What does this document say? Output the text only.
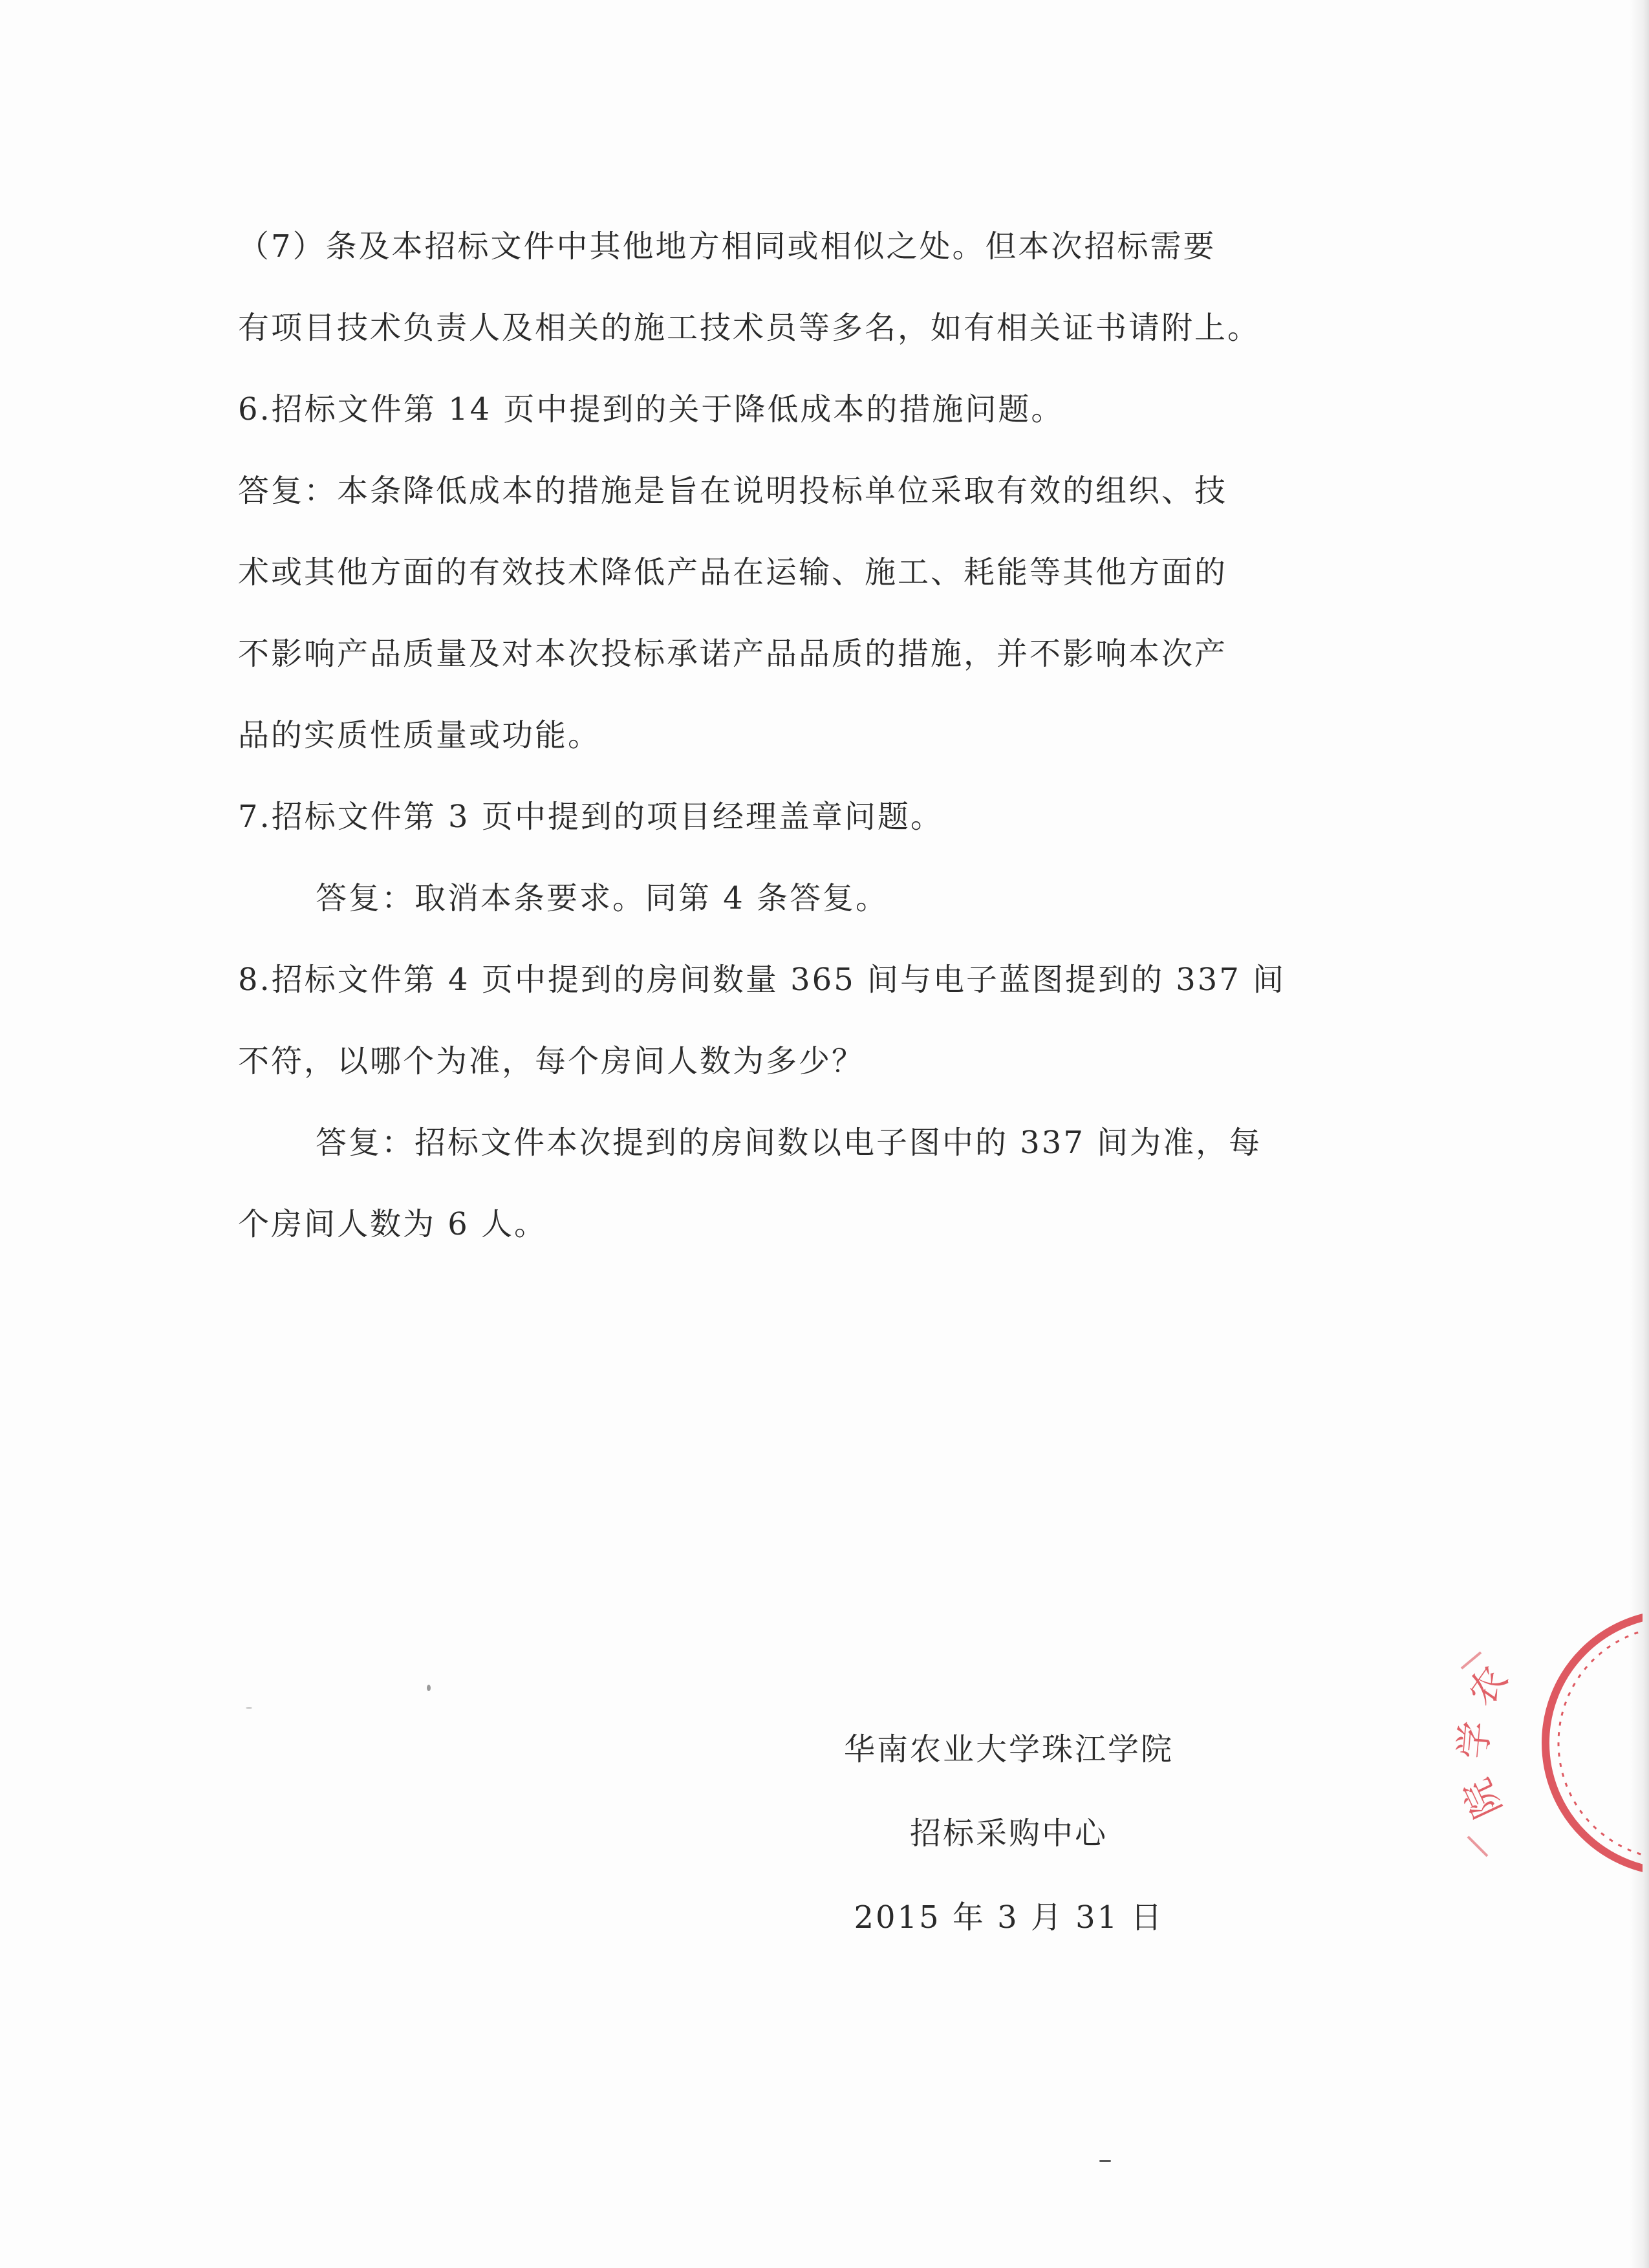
（7）条及本招标文件中其他地方相同或相似之处。但本次招标需要
有项目技术负责人及相关的施工技术员等多名，如有相关证书请附上。
6.招标文件第 14 页中提到的关于降低成本的措施问题。
答复：本条降低成本的措施是旨在说明投标单位采取有效的组织、技
术或其他方面的有效技术降低产品在运输、施工、耗能等其他方面的
不影响产品质量及对本次投标承诺产品品质的措施，并不影响本次产
品的实质性质量或功能。
7.招标文件第 3 页中提到的项目经理盖章问题。
答复：取消本条要求。同第 4 条答复。
8.招标文件第 4 页中提到的房间数量 365 间与电子蓝图提到的 337 间
不符，以哪个为准，每个房间人数为多少？
答复：招标文件本次提到的房间数以电子图中的 337 间为准，每
个房间人数为 6 人。
华南农业大学珠江学院
招标采购中心
2015 年 3 月 31 日
农
学
院
